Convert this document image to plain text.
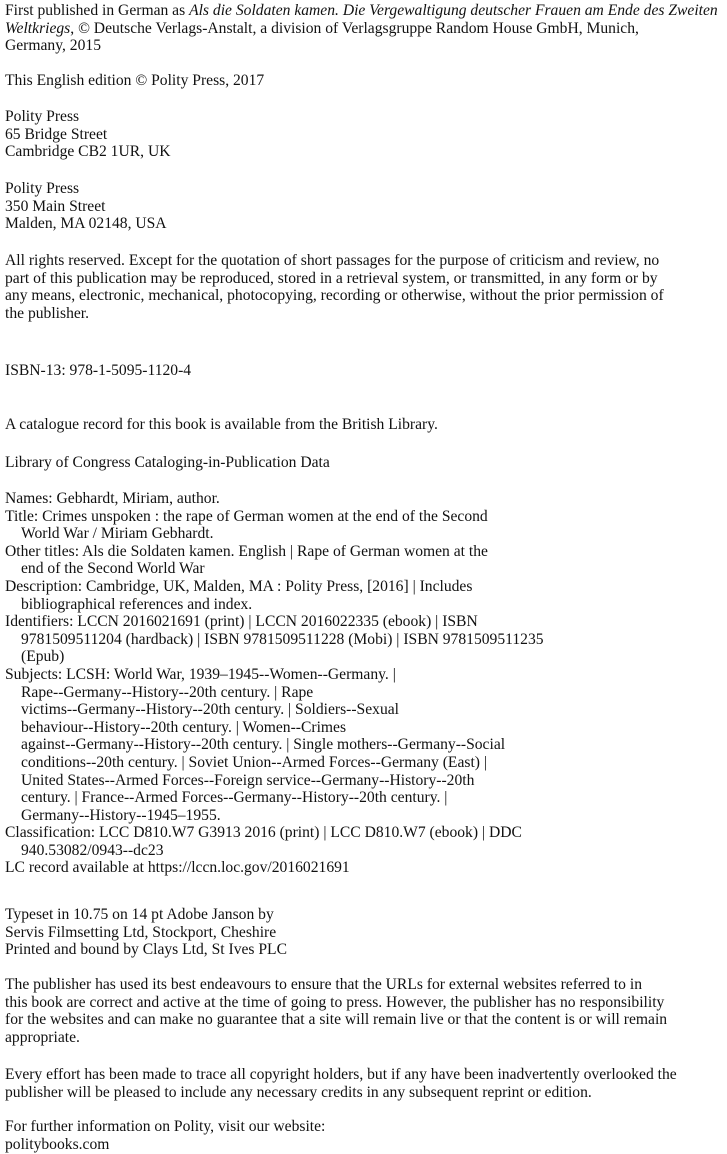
First published in German as Als die Soldaten kamen. Die Vergewaltigung deutscher Frauen am Ende des Zweiten
Weltkriegs, © Deutsche Verlags-Anstalt, a division of Verlagsgruppe Random House GmbH, Munich,
Germany, 2015
This English edition © Polity Press, 2017
Polity Press
65 Bridge Street
Cambridge CB2 1UR, UK
Polity Press
350 Main Street
Malden, MA 02148, USA
All rights reserved. Except for the quotation of short passages for the purpose of criticism and review, no
part of this publication may be reproduced, stored in a retrieval system, or transmitted, in any form or by
any means, electronic, mechanical, photocopying, recording or otherwise, without the prior permission of
the publisher.
ISBN-13: 978-1-5095-1120-4
A catalogue record for this book is available from the British Library.
Library of Congress Cataloging-in-Publication Data
Names: Gebhardt, Miriam, author.
Title: Crimes unspoken : the rape of German women at the end of the Second
World War / Miriam Gebhardt.
Other titles: Als die Soldaten kamen. English | Rape of German women at the
end of the Second World War
Description: Cambridge, UK, Malden, MA : Polity Press, [2016] | Includes
bibliographical references and index.
Identifiers: LCCN 2016021691 (print) | LCCN 2016022335 (ebook) | ISBN
9781509511204 (hardback) | ISBN 9781509511228 (Mobi) | ISBN 9781509511235
(Epub)
Subjects: LCSH: World War, 1939–1945--Women--Germany. |
Rape--Germany--History--20th century. | Rape
victims--Germany--History--20th century. | Soldiers--Sexual
behaviour--History--20th century. | Women--Crimes
against--Germany--History--20th century. | Single mothers--Germany--Social
conditions--20th century. | Soviet Union--Armed Forces--Germany (East) |
United States--Armed Forces--Foreign service--Germany--History--20th
century. | France--Armed Forces--Germany--History--20th century. |
Germany--History--1945–1955.
Classification: LCC D810.W7 G3913 2016 (print) | LCC D810.W7 (ebook) | DDC
940.53082/0943--dc23
LC record available at https://lccn.loc.gov/2016021691
Typeset in 10.75 on 14 pt Adobe Janson by
Servis Filmsetting Ltd, Stockport, Cheshire
Printed and bound by Clays Ltd, St Ives PLC
The publisher has used its best endeavours to ensure that the URLs for external websites referred to in
this book are correct and active at the time of going to press. However, the publisher has no responsibility
for the websites and can make no guarantee that a site will remain live or that the content is or will remain
appropriate.
Every effort has been made to trace all copyright holders, but if any have been inadvertently overlooked the
publisher will be pleased to include any necessary credits in any subsequent reprint or edition.
For further information on Polity, visit our website:
politybooks.com
